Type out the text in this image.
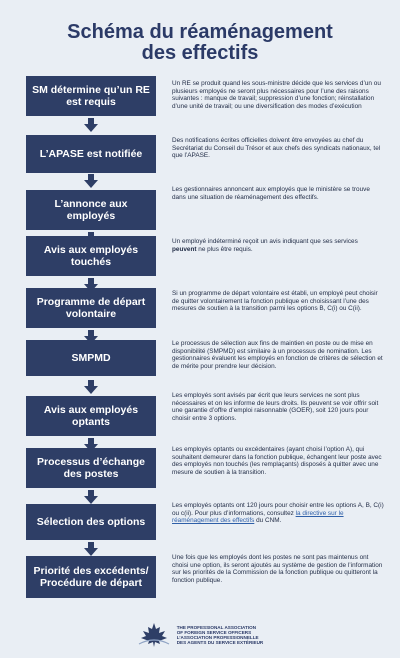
Schéma du réaménagement
des effectifs
SM détermine qu’un RE est requis
Un RE se produit quand les sous-ministre décide que les services d’un ou plusieurs employés ne seront plus nécessaires pour l’une des raisons suivantes : manque de travail; suppression d’une fonction; réinstallation d’une unité de travail; ou une diversification des modes d’exécution
L’APASE est notifiée
Des notifications écrites officielles doivent être envoyées au chef du Secrétariat du Conseil du Trésor et aux chefs des syndicats nationaux, tel que l’APASE.
L’annonce aux employés
Les gestionnaires annoncent aux employés que le ministère se trouve dans une situation de réaménagement des effectifs.
Avis aux employés touchés
Un employé indéterminé reçoit un avis indiquant que ses services peuvent ne plus être requis.
Programme de départ volontaire
Si un programme de départ volontaire est établi, un employé peut choisir de quitter volontairement la fonction publique en choisissant l’une des mesures de soutien à la transition parmi les options B, C(i) ou C(ii).
SMPMD
Le processus de sélection aux fins de maintien en poste ou de mise en disponibilité (SMPMD) est similaire à un processus de nomination. Les gestionnaires évaluent les employés en fonction de critères de sélection et de mérite pour prendre leur décision.
Avis aux employés optants
Les employés sont avisés par écrit que leurs services ne sont plus nécessaires et on les informe de leurs droits. Ils peuvent se voir offrir soit une garantie d’offre d’emploi raisonnable (GOER), soit 120 jours pour choisir entre 3 options.
Processus d’échange des postes
Les employés optants ou excédentaires (ayant choisi l’option A), qui souhaitent demeurer dans la fonction publique, échangent leur poste avec des employés non touchés (les remplaçants) disposés à quitter avec une mesure de soutien à la transition.
Sélection des options
Les employés optants ont 120 jours pour choisir entre les options A, B, C(i) ou c(ii). Pour plus d’informations, consultez la directive sur le réaménagement des effectifs du CNM.
Priorité des excédents/ Procédure de départ
Une fois que les employés dont les postes ne sont pas maintenus ont choisi une option, ils seront ajoutés au système de gestion de l’information sur les priorités de la Commission de la fonction publique ou quitteront la fonction publique.
THE PROFESSIONAL ASSOCIATION
OF FOREIGN SERVICE OFFICERS
L’ASSOCIATION PROFESSIONNELLE
DES AGENTS DU SERVICE EXTÉRIEUR
